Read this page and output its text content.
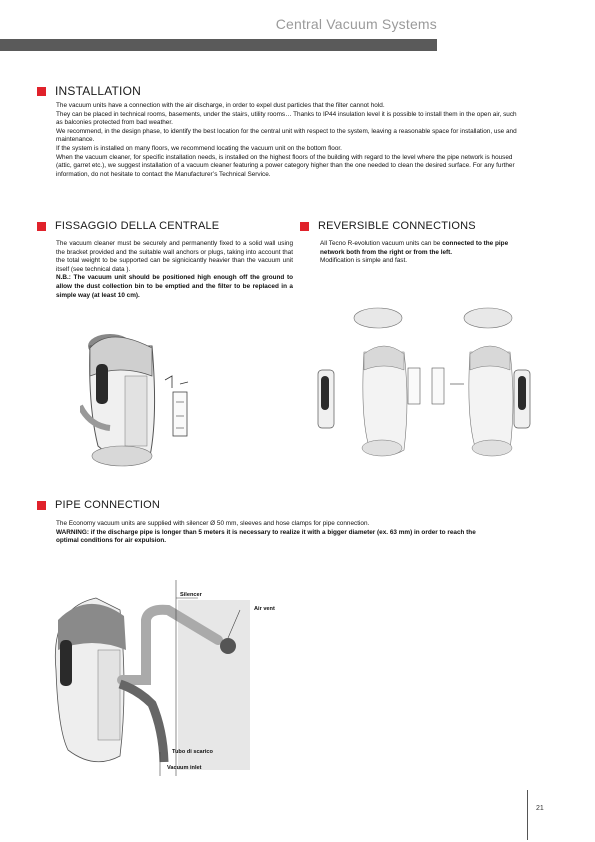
Central Vacuum Systems
INSTALLATION

The vacuum units have a connection with the air discharge, in order to expel dust particles that the filter cannot hold.

They can be placed in technical rooms, basements, under the stairs, utility rooms… Thanks to IP44 insulation level it is possible to install them in the open air, such as balconies protected from bad weather.

We recommend, in the design phase, to identify the best location for the central unit with respect to the system, leaving a reasonable space for installation, use and maintenance.

If the system is installed on many floors, we recommend locating the vacuum unit on the bottom floor.

When the vacuum cleaner, for specific installation needs, is installed on the highest floors of the building with regard to the level where the pipe network is housed (attic, garret etc.), we suggest installation of a vacuum cleaner featuring a power category higher than the one needed to clean the desired surface. For any further information, do not hesitate to contact the Manufacturer’s Technical Service.

FISSAGGIO DELLA CENTRALE

The vacuum cleaner must be securely and permanently fixed to a solid wall using the bracket provided and the suitable wall anchors or plugs, taking into account that the total weight to be supported can be signicicantly heavier than the vacuum unit itself (see technical data ).

N.B.: The vacuum unit should be positioned high enough off the ground to allow the dust collection bin to be emptied and the filter to be replaced in a simple way (at least 10 cm).

REVERSIBLE CONNECTIONS

All Tecno R-evolution vacuum units can be connected to the pipe network both from the right or from the left.

Modification is simple and fast.

PIPE CONNECTION

The Economy vacuum units are supplied with silencer Ø 50 mm, sleeves and hose clamps for pipe connection.

WARNING: if the discharge pipe is longer than 5 meters it is necessary to realize it with a bigger diameter (ex. 63 mm) in order to reach the optimal conditions for air expulsion.

Silencer
Air vent
Tubo di scarico
Vacuum inlet
21
